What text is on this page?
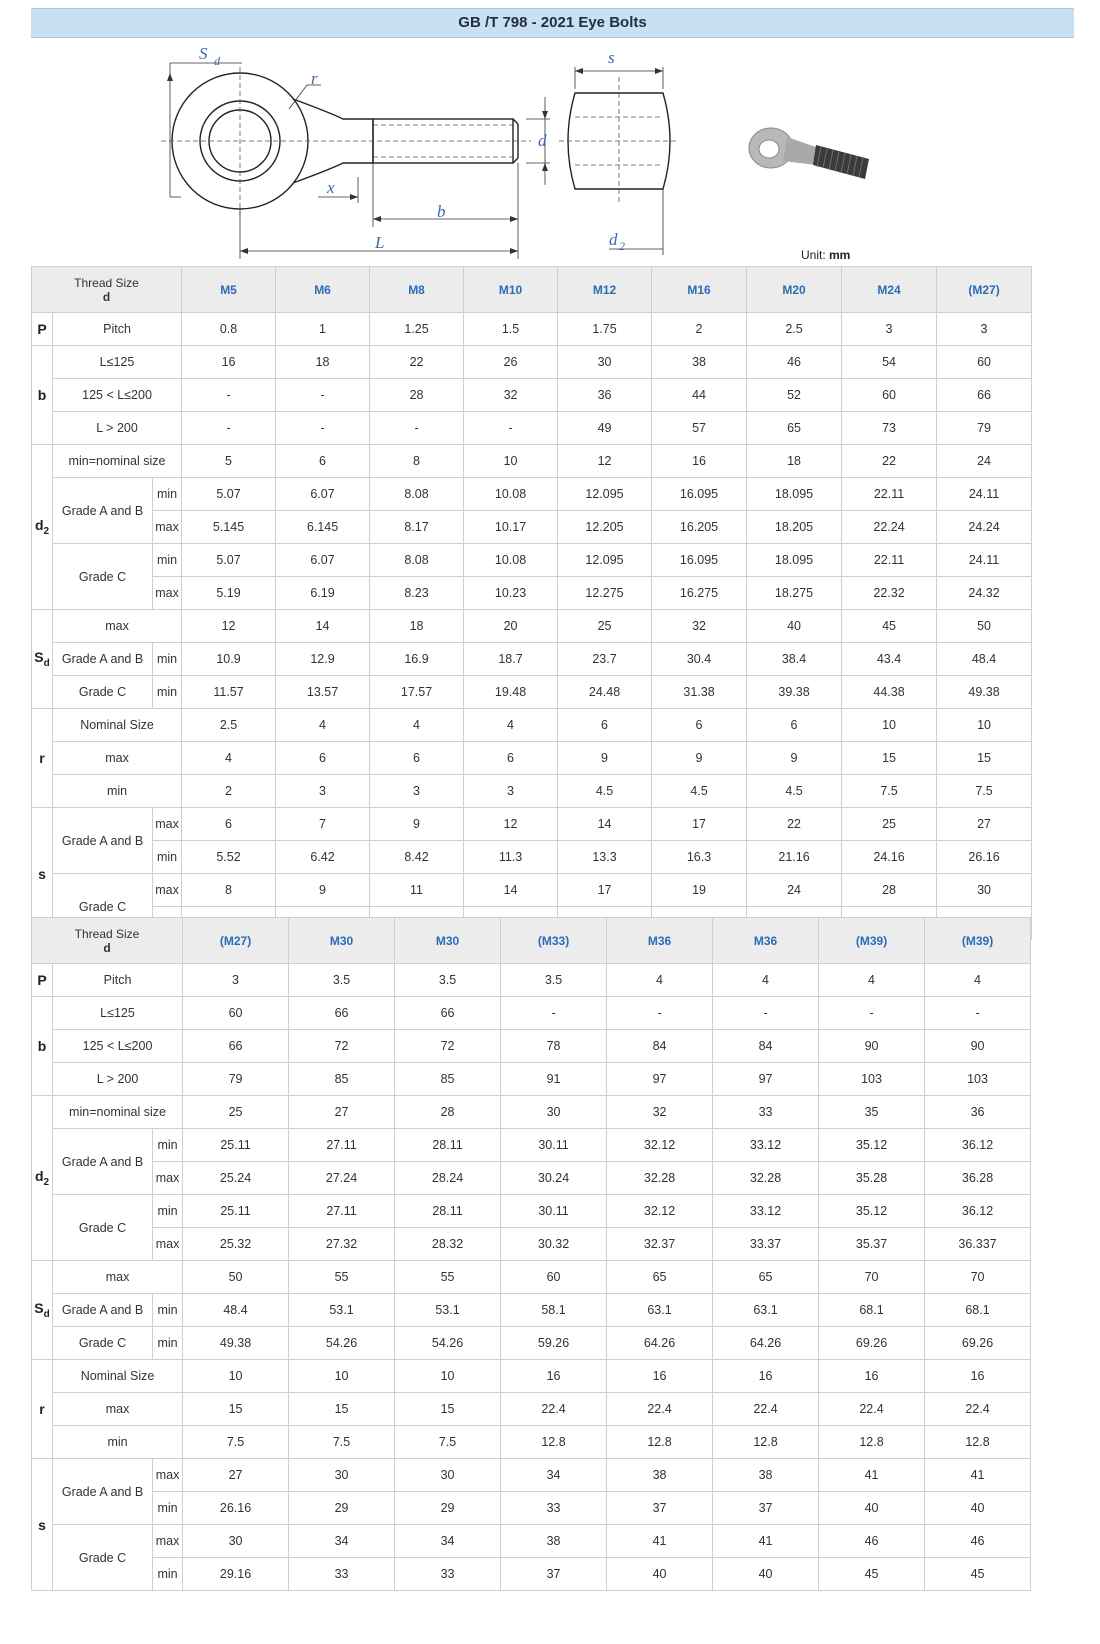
GB /T 798 - 2021 Eye Bolts
S d
r
d
x
b
L
s
d 2
Unit: mm
Thread Size
d			M5	M6	M8	M10	M12	M16	M20	M24	(M27)
P	Pitch		0.8	1	1.25	1.5	1.75	2	2.5	3	3
b	L≤125		16	18	22	26	30	38	46	54	60
	125 < L≤200		-	-	28	32	36	44	52	60	66
	L > 200		-	-	-	-	49	57	65	73	79
$d_2$	min=nominal size		5	6	8	10	12	16	18	22	24
	Grade A and B	min	5.07	6.07	8.08	10.08	12.095	16.095	18.095	22.11	24.11
		max	5.145	6.145	8.17	10.17	12.205	16.205	18.205	22.24	24.24
	Grade C	min	5.07	6.07	8.08	10.08	12.095	16.095	18.095	22.11	24.11
		max	5.19	6.19	8.23	10.23	12.275	16.275	18.275	22.32	24.32
$S_d$	max		12	14	18	20	25	32	40	45	50
	Grade A and B	min	10.9	12.9	16.9	18.7	23.7	30.4	38.4	43.4	48.4
	Grade C	min	11.57	13.57	17.57	19.48	24.48	31.38	39.38	44.38	49.38
r	Nominal Size		2.5	4	4	4	6	6	6	10	10
	max		4	6	6	6	9	9	9	15	15
	min		2	3	3	3	4.5	4.5	4.5	7.5	7.5
s	Grade A and B	max	6	7	9	12	14	17	22	25	27
		min	5.52	6.42	8.42	11.3	13.3	16.3	21.16	24.16	26.16
	Grade C	max	8	9	11	14	17	19	24	28	30

Thread Size
d			(M27)	M30	M30	(M33)	M36	M36	(M39)	(M39)
P	Pitch		3	3.5	3.5	3.5	4	4	4	4
b	L≤125		60	66	66	-	-	-	-	-
	125 < L≤200		66	72	72	78	84	84	90	90
	L > 200		79	85	85	91	97	97	103	103
$d_2$	min=nominal size		25	27	28	30	32	33	35	36
	Grade A and B	min	25.11	27.11	28.11	30.11	32.12	33.12	35.12	36.12
		max	25.24	27.24	28.24	30.24	32.28	32.28	35.28	36.28
	Grade C	min	25.11	27.11	28.11	30.11	32.12	33.12	35.12	36.12
		max	25.32	27.32	28.32	30.32	32.37	33.37	35.37	36.337
$S_d$	max		50	55	55	60	65	65	70	70
	Grade A and B	min	48.4	53.1	53.1	58.1	63.1	63.1	68.1	68.1
	Grade C	min	49.38	54.26	54.26	59.26	64.26	64.26	69.26	69.26
r	Nominal Size		10	10	10	16	16	16	16	16
	max		15	15	15	22.4	22.4	22.4	22.4	22.4
	min		7.5	7.5	7.5	12.8	12.8	12.8	12.8	12.8
s	Grade A and B	max	27	30	30	34	38	38	41	41
		min	26.16	29	29	33	37	37	40	40
	Grade C	max	30	34	34	38	41	41	46	46
		min	29.16	33	33	37	40	40	45	45
